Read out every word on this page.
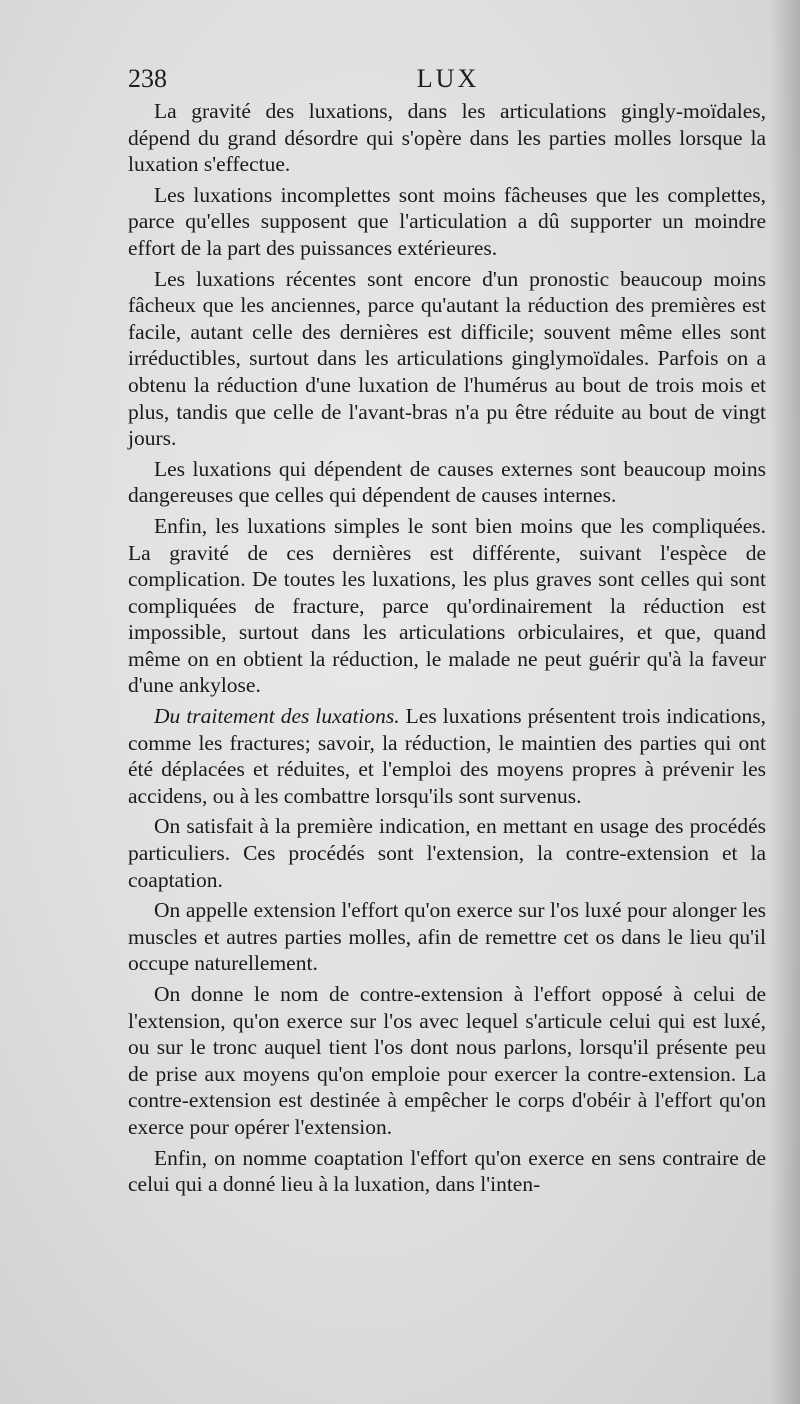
238	LUX

La gravité des luxations, dans les articulations gingly-moïdales, dépend du grand désordre qui s'opère dans les parties molles lorsque la luxation s'effectue.

Les luxations incomplettes sont moins fâcheuses que les complettes, parce qu'elles supposent que l'articulation a dû supporter un moindre effort de la part des puissances extérieures.

Les luxations récentes sont encore d'un pronostic beaucoup moins fâcheux que les anciennes, parce qu'autant la réduction des premières est facile, autant celle des dernières est difficile; souvent même elles sont irréductibles, surtout dans les articulations ginglymoïdales. Parfois on a obtenu la réduction d'une luxation de l'humérus au bout de trois mois et plus, tandis que celle de l'avant-bras n'a pu être réduite au bout de vingt jours.

Les luxations qui dépendent de causes externes sont beaucoup moins dangereuses que celles qui dépendent de causes internes.

Enfin, les luxations simples le sont bien moins que les compliquées. La gravité de ces dernières est différente, suivant l'espèce de complication. De toutes les luxations, les plus graves sont celles qui sont compliquées de fracture, parce qu'ordinairement la réduction est impossible, surtout dans les articulations orbiculaires, et que, quand même on en obtient la réduction, le malade ne peut guérir qu'à la faveur d'une ankylose.

Du traitement des luxations. Les luxations présentent trois indications, comme les fractures; savoir, la réduction, le maintien des parties qui ont été déplacées et réduites, et l'emploi des moyens propres à prévenir les accidens, ou à les combattre lorsqu'ils sont survenus.

On satisfait à la première indication, en mettant en usage des procédés particuliers. Ces procédés sont l'extension, la contre-extension et la coaptation.

On appelle extension l'effort qu'on exerce sur l'os luxé pour alonger les muscles et autres parties molles, afin de remettre cet os dans le lieu qu'il occupe naturellement.

On donne le nom de contre-extension à l'effort opposé à celui de l'extension, qu'on exerce sur l'os avec lequel s'articule celui qui est luxé, ou sur le tronc auquel tient l'os dont nous parlons, lorsqu'il présente peu de prise aux moyens qu'on emploie pour exercer la contre-extension. La contre-extension est destinée à empêcher le corps d'obéir à l'effort qu'on exerce pour opérer l'extension.

Enfin, on nomme coaptation l'effort qu'on exerce en sens contraire de celui qui a donné lieu à la luxation, dans l'inten-
